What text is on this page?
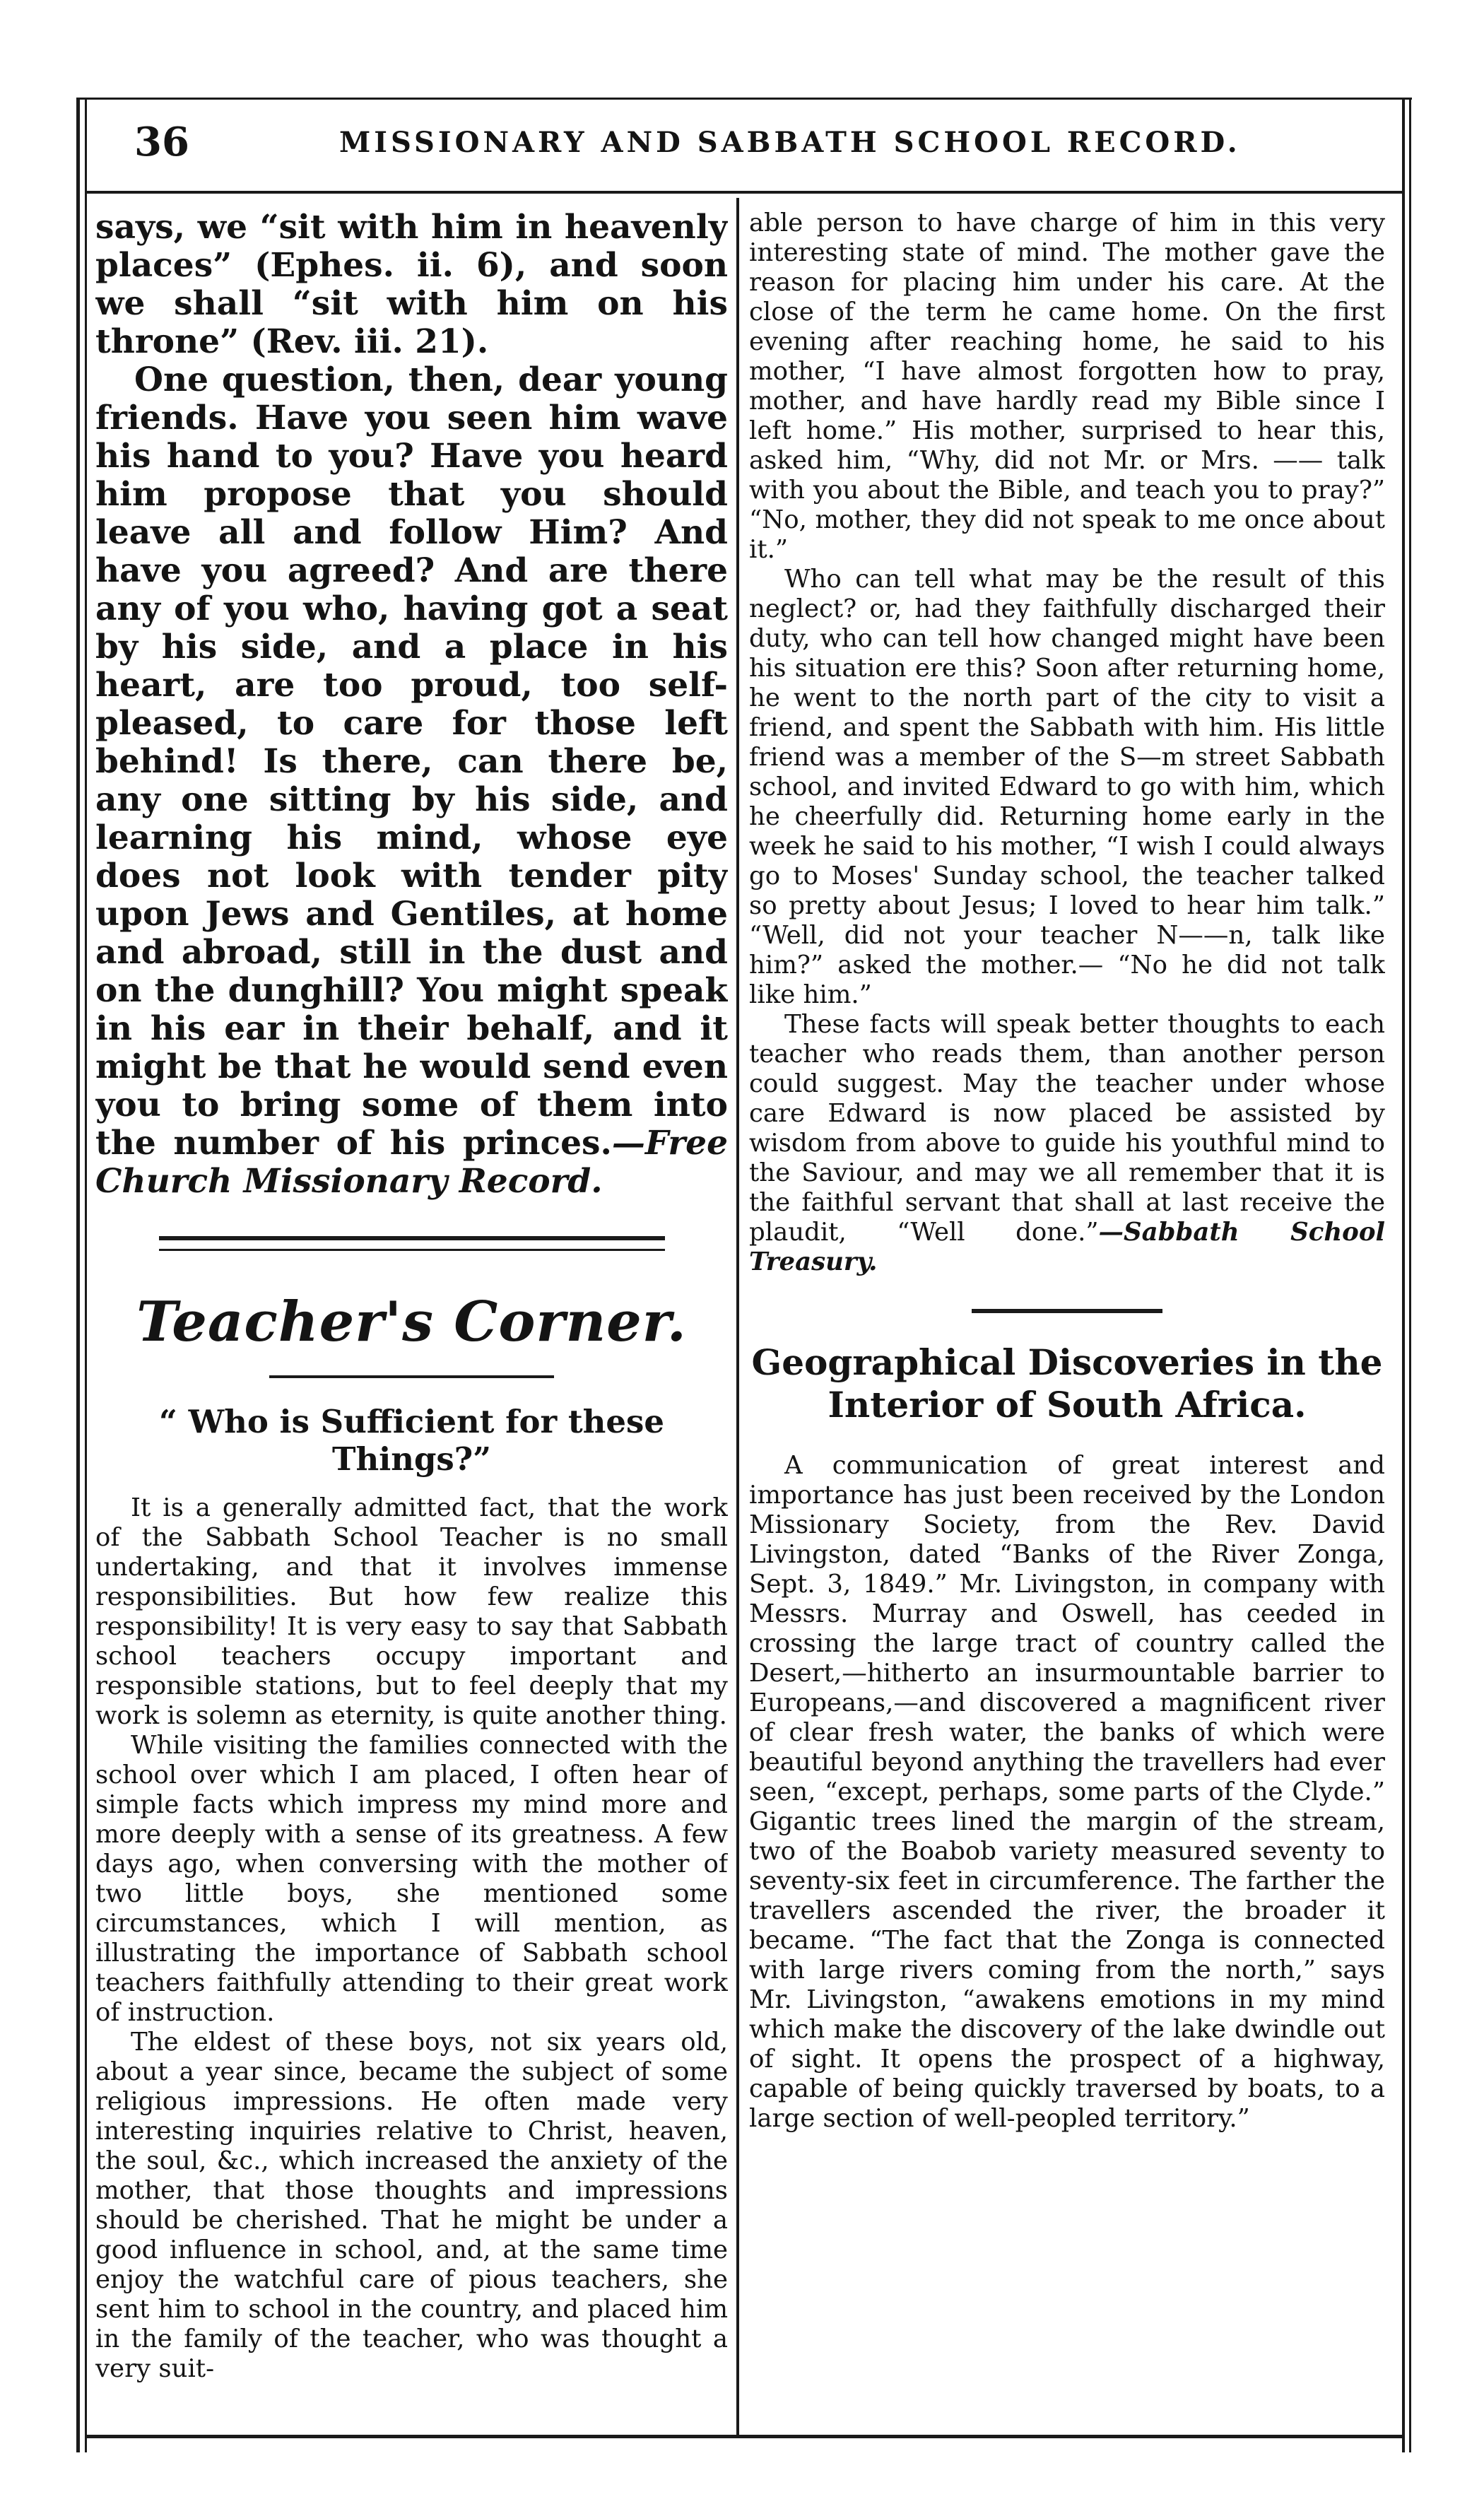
36	MISSIONARY AND SABBATH SCHOOL RECORD.

says, we “sit with him in heavenly places” (Ephes. ii. 6), and soon we shall “sit with him on his throne” (Rev. iii. 21).

One question, then, dear young friends. Have you seen him wave his hand to you? Have you heard him propose that you should leave all and follow Him? And have you agreed? And are there any of you who, having got a seat by his side, and a place in his heart, are too proud, too self-pleased, to care for those left behind! Is there, can there be, any one sitting by his side, and learning his mind, whose eye does not look with tender pity upon Jews and Gentiles, at home and abroad, still in the dust and on the dunghill? You might speak in his ear in their behalf, and it might be that he would send even you to bring some of them into the number of his princes.—Free Church Missionary Record.

Teacher's Corner.
“ Who is Sufficient for these Things?”

It is a generally admitted fact, that the work of the Sabbath School Teacher is no small undertaking, and that it involves immense responsibilities. But how few realize this responsibility! It is very easy to say that Sabbath school teachers occupy important and responsible stations, but to feel deeply that my work is solemn as eternity, is quite another thing.

While visiting the families connected with the school over which I am placed, I often hear of simple facts which impress my mind more and more deeply with a sense of its greatness. A few days ago, when conversing with the mother of two little boys, she mentioned some circumstances, which I will mention, as illustrating the importance of Sabbath school teachers faithfully attending to their great work of instruction.

The eldest of these boys, not six years old, about a year since, became the subject of some religious impressions. He often made very interesting inquiries relative to Christ, heaven, the soul, &c., which increased the anxiety of the mother, that those thoughts and impressions should be cherished. That he might be under a good influence in school, and, at the same time enjoy the watchful care of pious teachers, she sent him to school in the country, and placed him in the family of the teacher, who was thought a very suit-

able person to have charge of him in this very interesting state of mind. The mother gave the reason for placing him under his care. At the close of the term he came home. On the first evening after reaching home, he said to his mother, “I have almost forgotten how to pray, mother, and have hardly read my Bible since I left home.” His mother, surprised to hear this, asked him, “Why, did not Mr. or Mrs. —— talk with you about the Bible, and teach you to pray?” “No, mother, they did not speak to me once about it.”

Who can tell what may be the result of this neglect? or, had they faithfully discharged their duty, who can tell how changed might have been his situation ere this? Soon after returning home, he went to the north part of the city to visit a friend, and spent the Sabbath with him. His little friend was a member of the S—m street Sabbath school, and invited Edward to go with him, which he cheerfully did. Returning home early in the week he said to his mother, “I wish I could always go to Moses' Sunday school, the teacher talked so pretty about Jesus; I loved to hear him talk.” “Well, did not your teacher N——n, talk like him?” asked the mother.— “No he did not talk like him.”

These facts will speak better thoughts to each teacher who reads them, than another person could suggest. May the teacher under whose care Edward is now placed be assisted by wisdom from above to guide his youthful mind to the Saviour, and may we all remember that it is the faithful servant that shall at last receive the plaudit, “Well done.”—Sabbath School Treasury.

Geographical Discoveries in the Interior of South Africa.

A communication of great interest and importance has just been received by the London Missionary Society, from the Rev. David Livingston, dated “Banks of the River Zonga, Sept. 3, 1849.” Mr. Livingston, in company with Messrs. Murray and Oswell, has ceeded in crossing the large tract of country called the Desert,—hitherto an insurmountable barrier to Europeans,—and discovered a magnificent river of clear fresh water, the banks of which were beautiful beyond anything the travellers had ever seen, “except, perhaps, some parts of the Clyde.” Gigantic trees lined the margin of the stream, two of the Boabob variety measured seventy to seventy-six feet in circumference. The farther the travellers ascended the river, the broader it became. “The fact that the Zonga is connected with large rivers coming from the north,” says Mr. Livingston, “awakens emotions in my mind which make the discovery of the lake dwindle out of sight. It opens the prospect of a highway, capable of being quickly traversed by boats, to a large section of well-peopled territory.”
